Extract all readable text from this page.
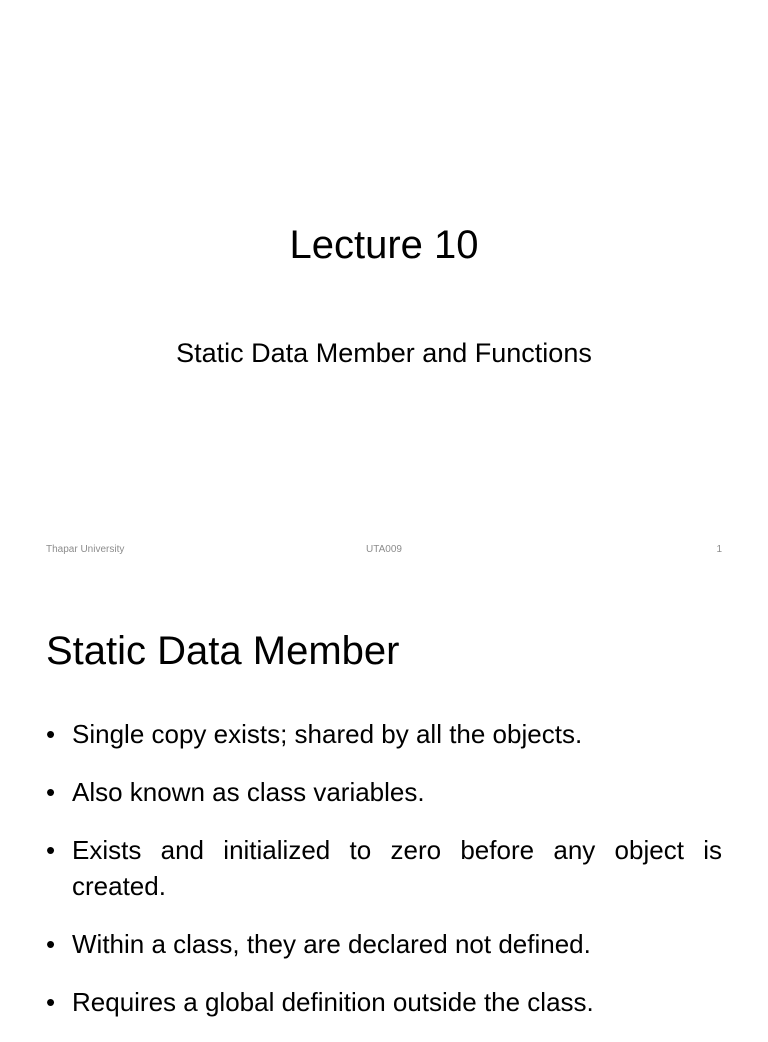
Lecture 10
Static Data Member and Functions
Thapar University	UTA009	1
Static Data Member
• Single copy exists; shared by all the objects.
• Also known as class variables.
• Exists and initialized to zero before any object is created.
• Within a class, they are declared not defined.
• Requires a global definition outside the class.
